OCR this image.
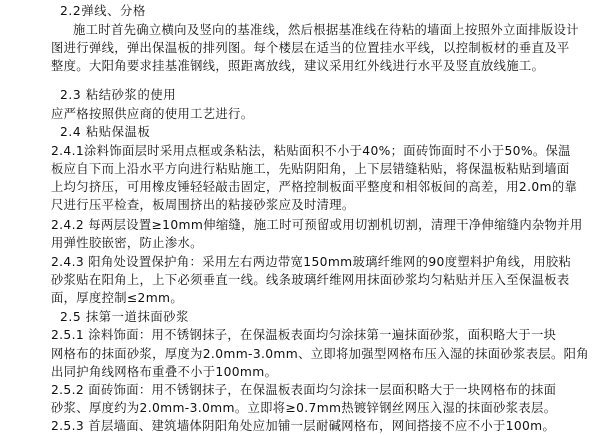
2.2弹线、分格
施工时首先确立横向及竖向的基准线，然后根据基准线在待粘的墙面上按照外立面排版设计
图进行弹线，弹出保温板的排列图。每个楼层在适当的位置挂水平线，以控制板材的垂直及平
整度。大阳角要求挂基准钢线，照距离放线，建议采用红外线进行水平及竖直放线施工。
2.3 粘结砂浆的使用
应严格按照供应商的使用工艺进行。
2.4 粘贴保温板
2.4.1涂料饰面层时采用点框或条粘法，粘贴面积不小于40%；面砖饰面时不小于50%。保温
板应自下而上沿水平方向进行粘贴施工，先贴阴阳角，上下层错缝粘贴，将保温板粘贴到墙面
上均匀挤压，可用橡皮锤轻轻敲击固定，严格控制板面平整度和相邻板间的高差，用2.0m的靠
尺进行压平检查，板周围挤出的粘接砂浆应及时清理。
2.4.2 每两层设置≥10mm伸缩缝，施工时可预留或用切割机切割，清理干净伸缩缝内杂物并用
用弹性胶嵌密，防止渗水。
2.4.3 阳角处设置保护角：采用左右两边带宽150mm玻璃纤维网的90度塑料护角线，用胶粘
砂浆贴在阳角上，上下必须垂直一线。线条玻璃纤维网用抹面砂浆均匀粘贴并压入至保温板表
面，厚度控制≤2mm。
2.5 抹第一道抹面砂浆
2.5.1 涂料饰面：用不锈钢抹子，在保温板表面均匀涂抹第一遍抹面砂浆，面积略大于一块
网格布的抹面砂浆，厚度为2.0mm-3.0mm、立即将加强型网格布压入湿的抹面砂浆表层。阳角
出同护角线网格布重叠不小于100mm。
2.5.2 面砖饰面：用不锈钢抹子，在保温板表面均匀涂抹一层面积略大于一块网格布的抹面
砂浆、厚度约为2.0mm-3.0mm。立即将≥0.7mm热镀锌钢丝网压入湿的抹面砂浆表层。
2.5.3 首层墙面、建筑墙体阴阳角处应加铺一层耐碱网格布，网间搭接不应不小于100m。
